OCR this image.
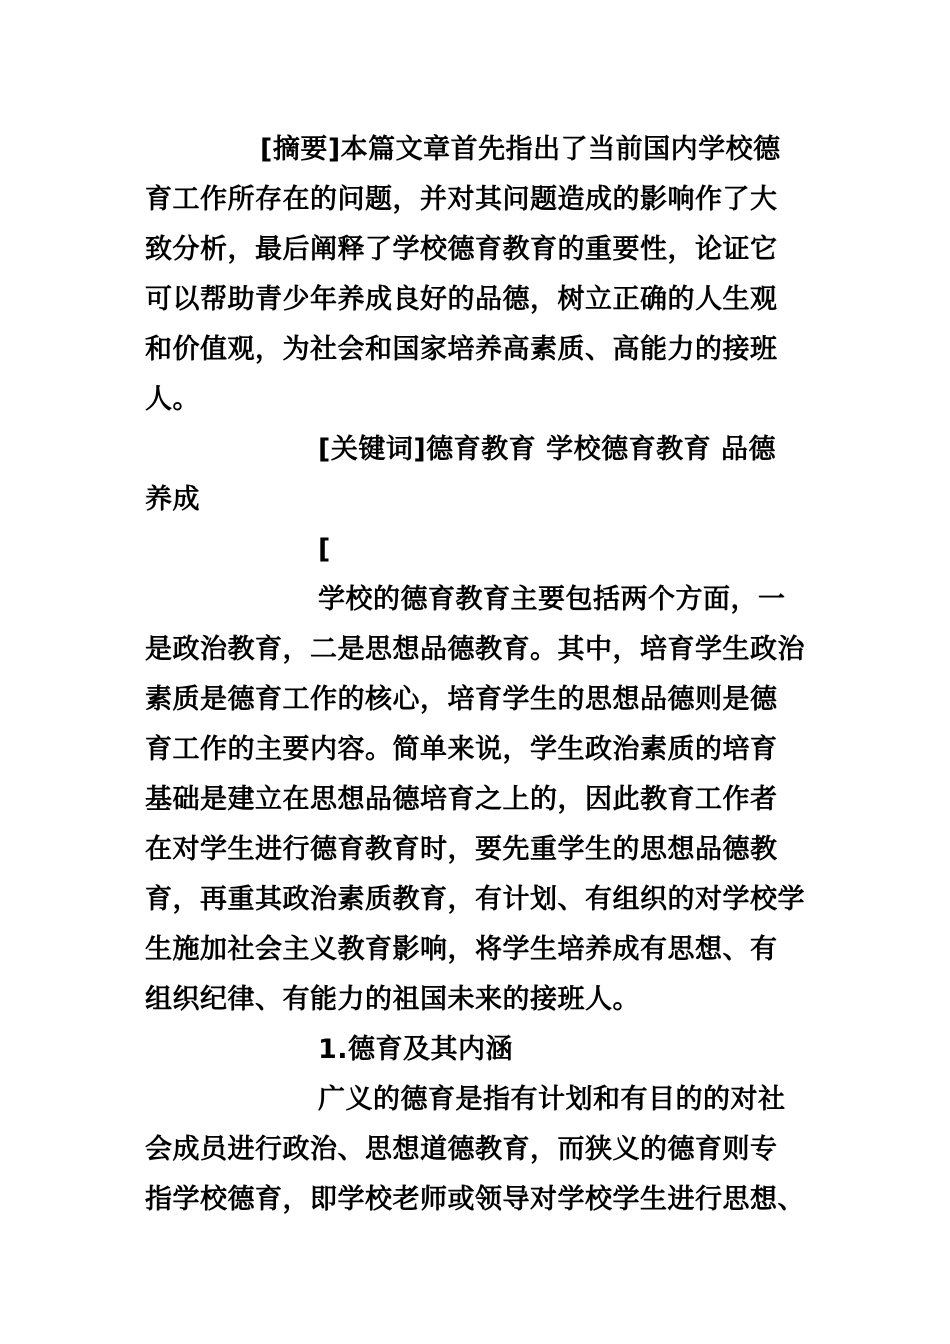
[摘要]本篇文章首先指出了当前国内学校德
育工作所存在的问题，并对其问题造成的影响作了大
致分析，最后阐释了学校德育教育的重要性，论证它
可以帮助青少年养成良好的品德，树立正确的人生观
和价值观，为社会和国家培养高素质、高能力的接班
人。
[关键词]德育教育 学校德育教育 品德
养成
[
学校的德育教育主要包括两个方面，一
是政治教育，二是思想品德教育。其中，培育学生政治
素质是德育工作的核心，培育学生的思想品德则是德
育工作的主要内容。简单来说，学生政治素质的培育
基础是建立在思想品德培育之上的，因此教育工作者
在对学生进行德育教育时，要先重学生的思想品德教
育，再重其政治素质教育，有计划、有组织的对学校学
生施加社会主义教育影响，将学生培养成有思想、有
组织纪律、有能力的祖国未来的接班人。
1.德育及其内涵
广义的德育是指有计划和有目的的对社
会成员进行政治、思想道德教育，而狭义的德育则专
指学校德育，即学校老师或领导对学校学生进行思想、
